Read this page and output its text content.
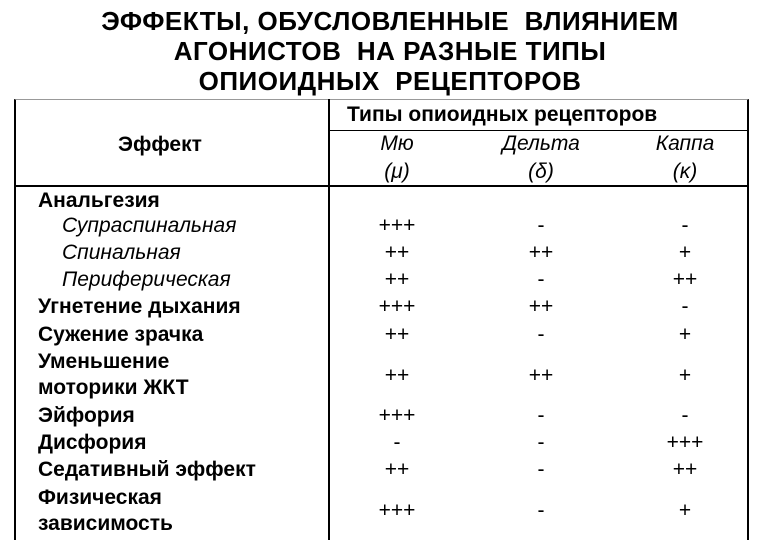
ЭФФЕКТЫ, ОБУСЛОВЛЕННЫЕ  ВЛИЯНИЕМ
АГОНИСТОВ  НА РАЗНЫЕ ТИПЫ
ОПИОИДНЫХ  РЕЦЕПТОРОВ
Эффект
Типы опиоидных рецепторов
Мю
(μ)
Дельта
(δ)
Каппа
(κ)
Анальгезия
Супраспинальная
Спинальная
Периферическая
Угнетение дыхания
Сужение зрачка
Уменьшение
моторики ЖКТ
Эйфория
Дисфория
Седативный эффект
Физическая
зависимость
+++
++
++
+++
++
++
+++
-
++
+++
-
++
-
++
-
++
-
-
-
-
-
+
++
-
+
+
-
+++
++
+
